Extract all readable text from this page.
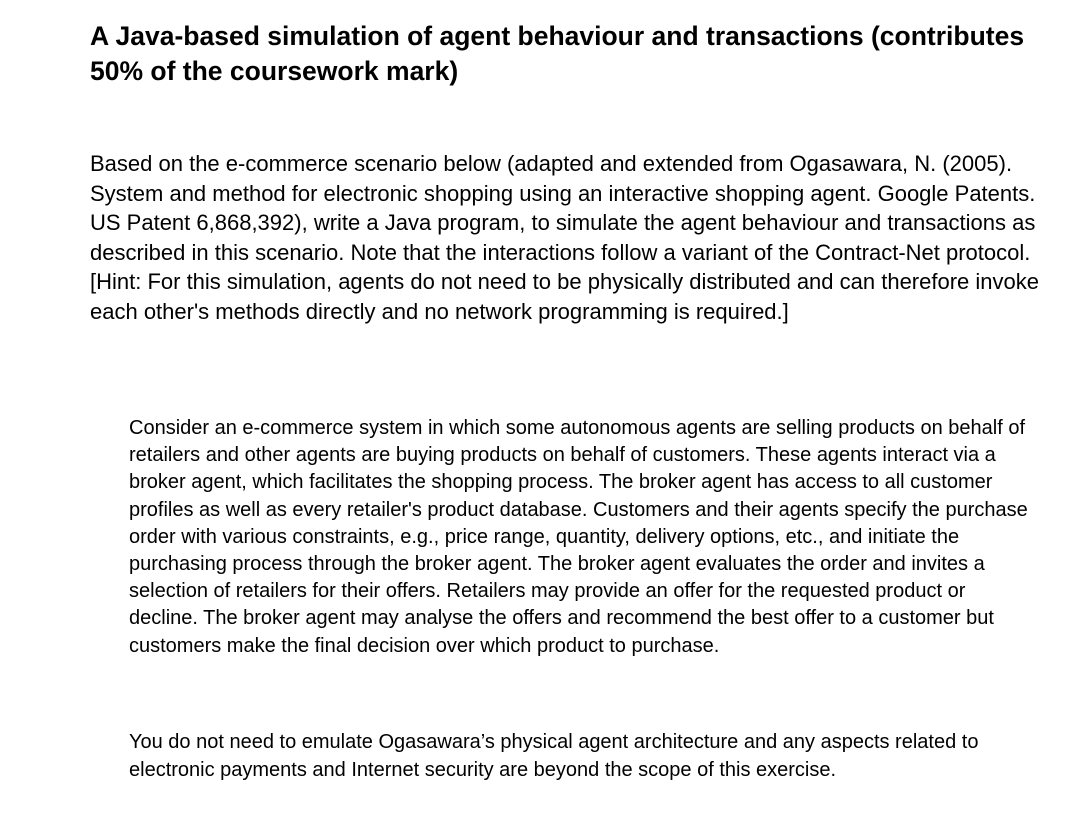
A Java-based simulation of agent behaviour and transactions (contributes 50% of the coursework mark)

Based on the e-commerce scenario below (adapted and extended from Ogasawara, N. (2005). System and method for electronic shopping using an interactive shopping agent. Google Patents. US Patent 6,868,392), write a Java program, to simulate the agent behaviour and transactions as described in this scenario. Note that the interactions follow a variant of the Contract-Net protocol. [Hint: For this simulation, agents do not need to be physically distributed and can therefore invoke each other's methods directly and no network programming is required.]

Consider an e-commerce system in which some autonomous agents are selling products on behalf of retailers and other agents are buying products on behalf of customers. These agents interact via a broker agent, which facilitates the shopping process. The broker agent has access to all customer profiles as well as every retailer's product database. Customers and their agents specify the purchase order with various constraints, e.g., price range, quantity, delivery options, etc., and initiate the purchasing process through the broker agent. The broker agent evaluates the order and invites a selection of retailers for their offers. Retailers may provide an offer for the requested product or decline. The broker agent may analyse the offers and recommend the best offer to a customer but customers make the final decision over which product to purchase.

You do not need to emulate Ogasawara’s physical agent architecture and any aspects related to electronic payments and Internet security are beyond the scope of this exercise.
